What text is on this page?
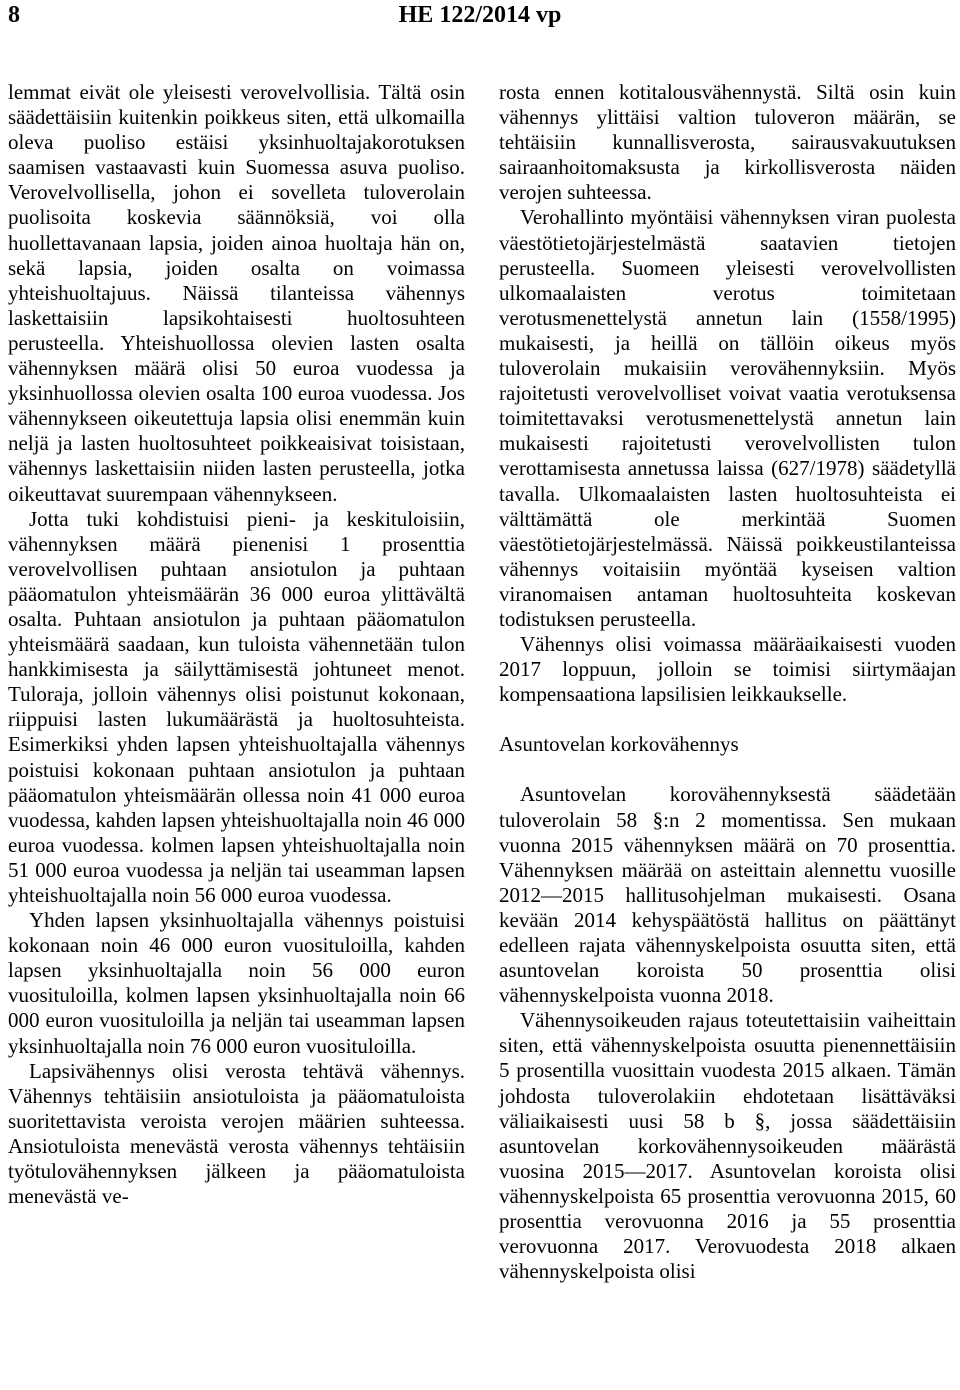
8	HE 122/2014 vp

lemmat eivät ole yleisesti verovelvollisia. Tältä osin säädettäisiin kuitenkin poikkeus siten, että ulkomailla oleva puoliso estäisi yksinhuoltajakorotuksen saamisen vastaavasti kuin Suomessa asuva puoliso. Verovelvollisella, johon ei sovelleta tuloverolain puolisoita koskevia säännöksiä, voi olla huollettavanaan lapsia, joiden ainoa huoltaja hän on, sekä lapsia, joiden osalta on voimassa yhteishuoltajuus. Näissä tilanteissa vähennys laskettaisiin lapsikohtaisesti huoltosuhteen perusteella. Yhteishuollossa olevien lasten osalta vähennyksen määrä olisi 50 euroa vuodessa ja yksinhuollossa olevien osalta 100 euroa vuodessa. Jos vähennykseen oikeutettuja lapsia olisi enemmän kuin neljä ja lasten huoltosuhteet poikkeaisivat toisistaan, vähennys laskettaisiin niiden lasten perusteella, jotka oikeuttavat suurempaan vähennykseen.

Jotta tuki kohdistuisi pieni- ja keskituloisiin, vähennyksen määrä pienenisi 1 prosenttia verovelvollisen puhtaan ansiotulon ja puhtaan pääomatulon yhteismäärän 36 000 euroa ylittävältä osalta. Puhtaan ansiotulon ja puhtaan pääomatulon yhteismäärä saadaan, kun tuloista vähennetään tulon hankkimisesta ja säilyttämisestä johtuneet menot. Tuloraja, jolloin vähennys olisi poistunut kokonaan, riippuisi lasten lukumäärästä ja huoltosuhteista. Esimerkiksi yhden lapsen yhteishuoltajalla vähennys poistuisi kokonaan puhtaan ansiotulon ja puhtaan pääomatulon yhteismäärän ollessa noin 41 000 euroa vuodessa, kahden lapsen yhteishuoltajalla noin 46 000 euroa vuodessa. kolmen lapsen yhteishuoltajalla noin 51 000 euroa vuodessa ja neljän tai useamman lapsen yhteishuoltajalla noin 56 000 euroa vuodessa.

Yhden lapsen yksinhuoltajalla vähennys poistuisi kokonaan noin 46 000 euron vuosituloilla, kahden lapsen yksinhuoltajalla noin 56 000 euron vuosituloilla, kolmen lapsen yksinhuoltajalla noin 66 000 euron vuosituloilla ja neljän tai useamman lapsen yksinhuoltajalla noin 76 000 euron vuosituloilla.

Lapsivähennys olisi verosta tehtävä vähennys. Vähennys tehtäisiin ansiotuloista ja pääomatuloista suoritettavista veroista verojen määrien suhteessa. Ansiotuloista menevästä verosta vähennys tehtäisiin työtulovähennyksen jälkeen ja pääomatuloista menevästä ve-

rosta ennen kotitalousvähennystä. Siltä osin kuin vähennys ylittäisi valtion tuloveron määrän, se tehtäisiin kunnallisverosta, sairausvakuutuksen sairaanhoitomaksusta ja kirkollisverosta näiden verojen suhteessa.

Verohallinto myöntäisi vähennyksen viran puolesta väestötietojärjestelmästä saatavien tietojen perusteella. Suomeen yleisesti verovelvollisten ulkomaalaisten verotus toimitetaan verotusmenettelystä annetun lain (1558/1995) mukaisesti, ja heillä on tällöin oikeus myös tuloverolain mukaisiin verovähennyksiin. Myös rajoitetusti verovelvolliset voivat vaatia verotuksensa toimitettavaksi verotusmenettelystä annetun lain mukaisesti rajoitetusti verovelvollisten tulon verottamisesta annetussa laissa (627/1978) säädetyllä tavalla. Ulkomaalaisten lasten huoltosuhteista ei välttämättä ole merkintää Suomen väestötietojärjestelmässä. Näissä poikkeustilanteissa vähennys voitaisiin myöntää kyseisen valtion viranomaisen antaman huoltosuhteita koskevan todistuksen perusteella.

Vähennys olisi voimassa määräaikaisesti vuoden 2017 loppuun, jolloin se toimisi siirtymäajan kompensaationa lapsilisien leikkaukselle.

Asuntovelan korkovähennys

Asuntovelan korovähennyksestä säädetään tuloverolain 58 §:n 2 momentissa. Sen mukaan vuonna 2015 vähennyksen määrä on 70 prosenttia. Vähennyksen määrää on asteittain alennettu vuosille 2012—2015 hallitusohjelman mukaisesti. Osana kevään 2014 kehyspäätöstä hallitus on päättänyt edelleen rajata vähennyskelpoista osuutta siten, että asuntovelan koroista 50 prosenttia olisi vähennyskelpoista vuonna 2018.

Vähennysoikeuden rajaus toteutettaisiin vaiheittain siten, että vähennyskelpoista osuutta pienennettäisiin 5 prosentilla vuosittain vuodesta 2015 alkaen. Tämän johdosta tuloverolakiin ehdotetaan lisättäväksi väliaikaisesti uusi 58 b §, jossa säädettäisiin asuntovelan korkovähennysoikeuden määrästä vuosina 2015—2017. Asuntovelan koroista olisi vähennyskelpoista 65 prosenttia verovuonna 2015, 60 prosenttia verovuonna 2016 ja 55 prosenttia verovuonna 2017. Verovuodesta 2018 alkaen vähennyskelpoista olisi
